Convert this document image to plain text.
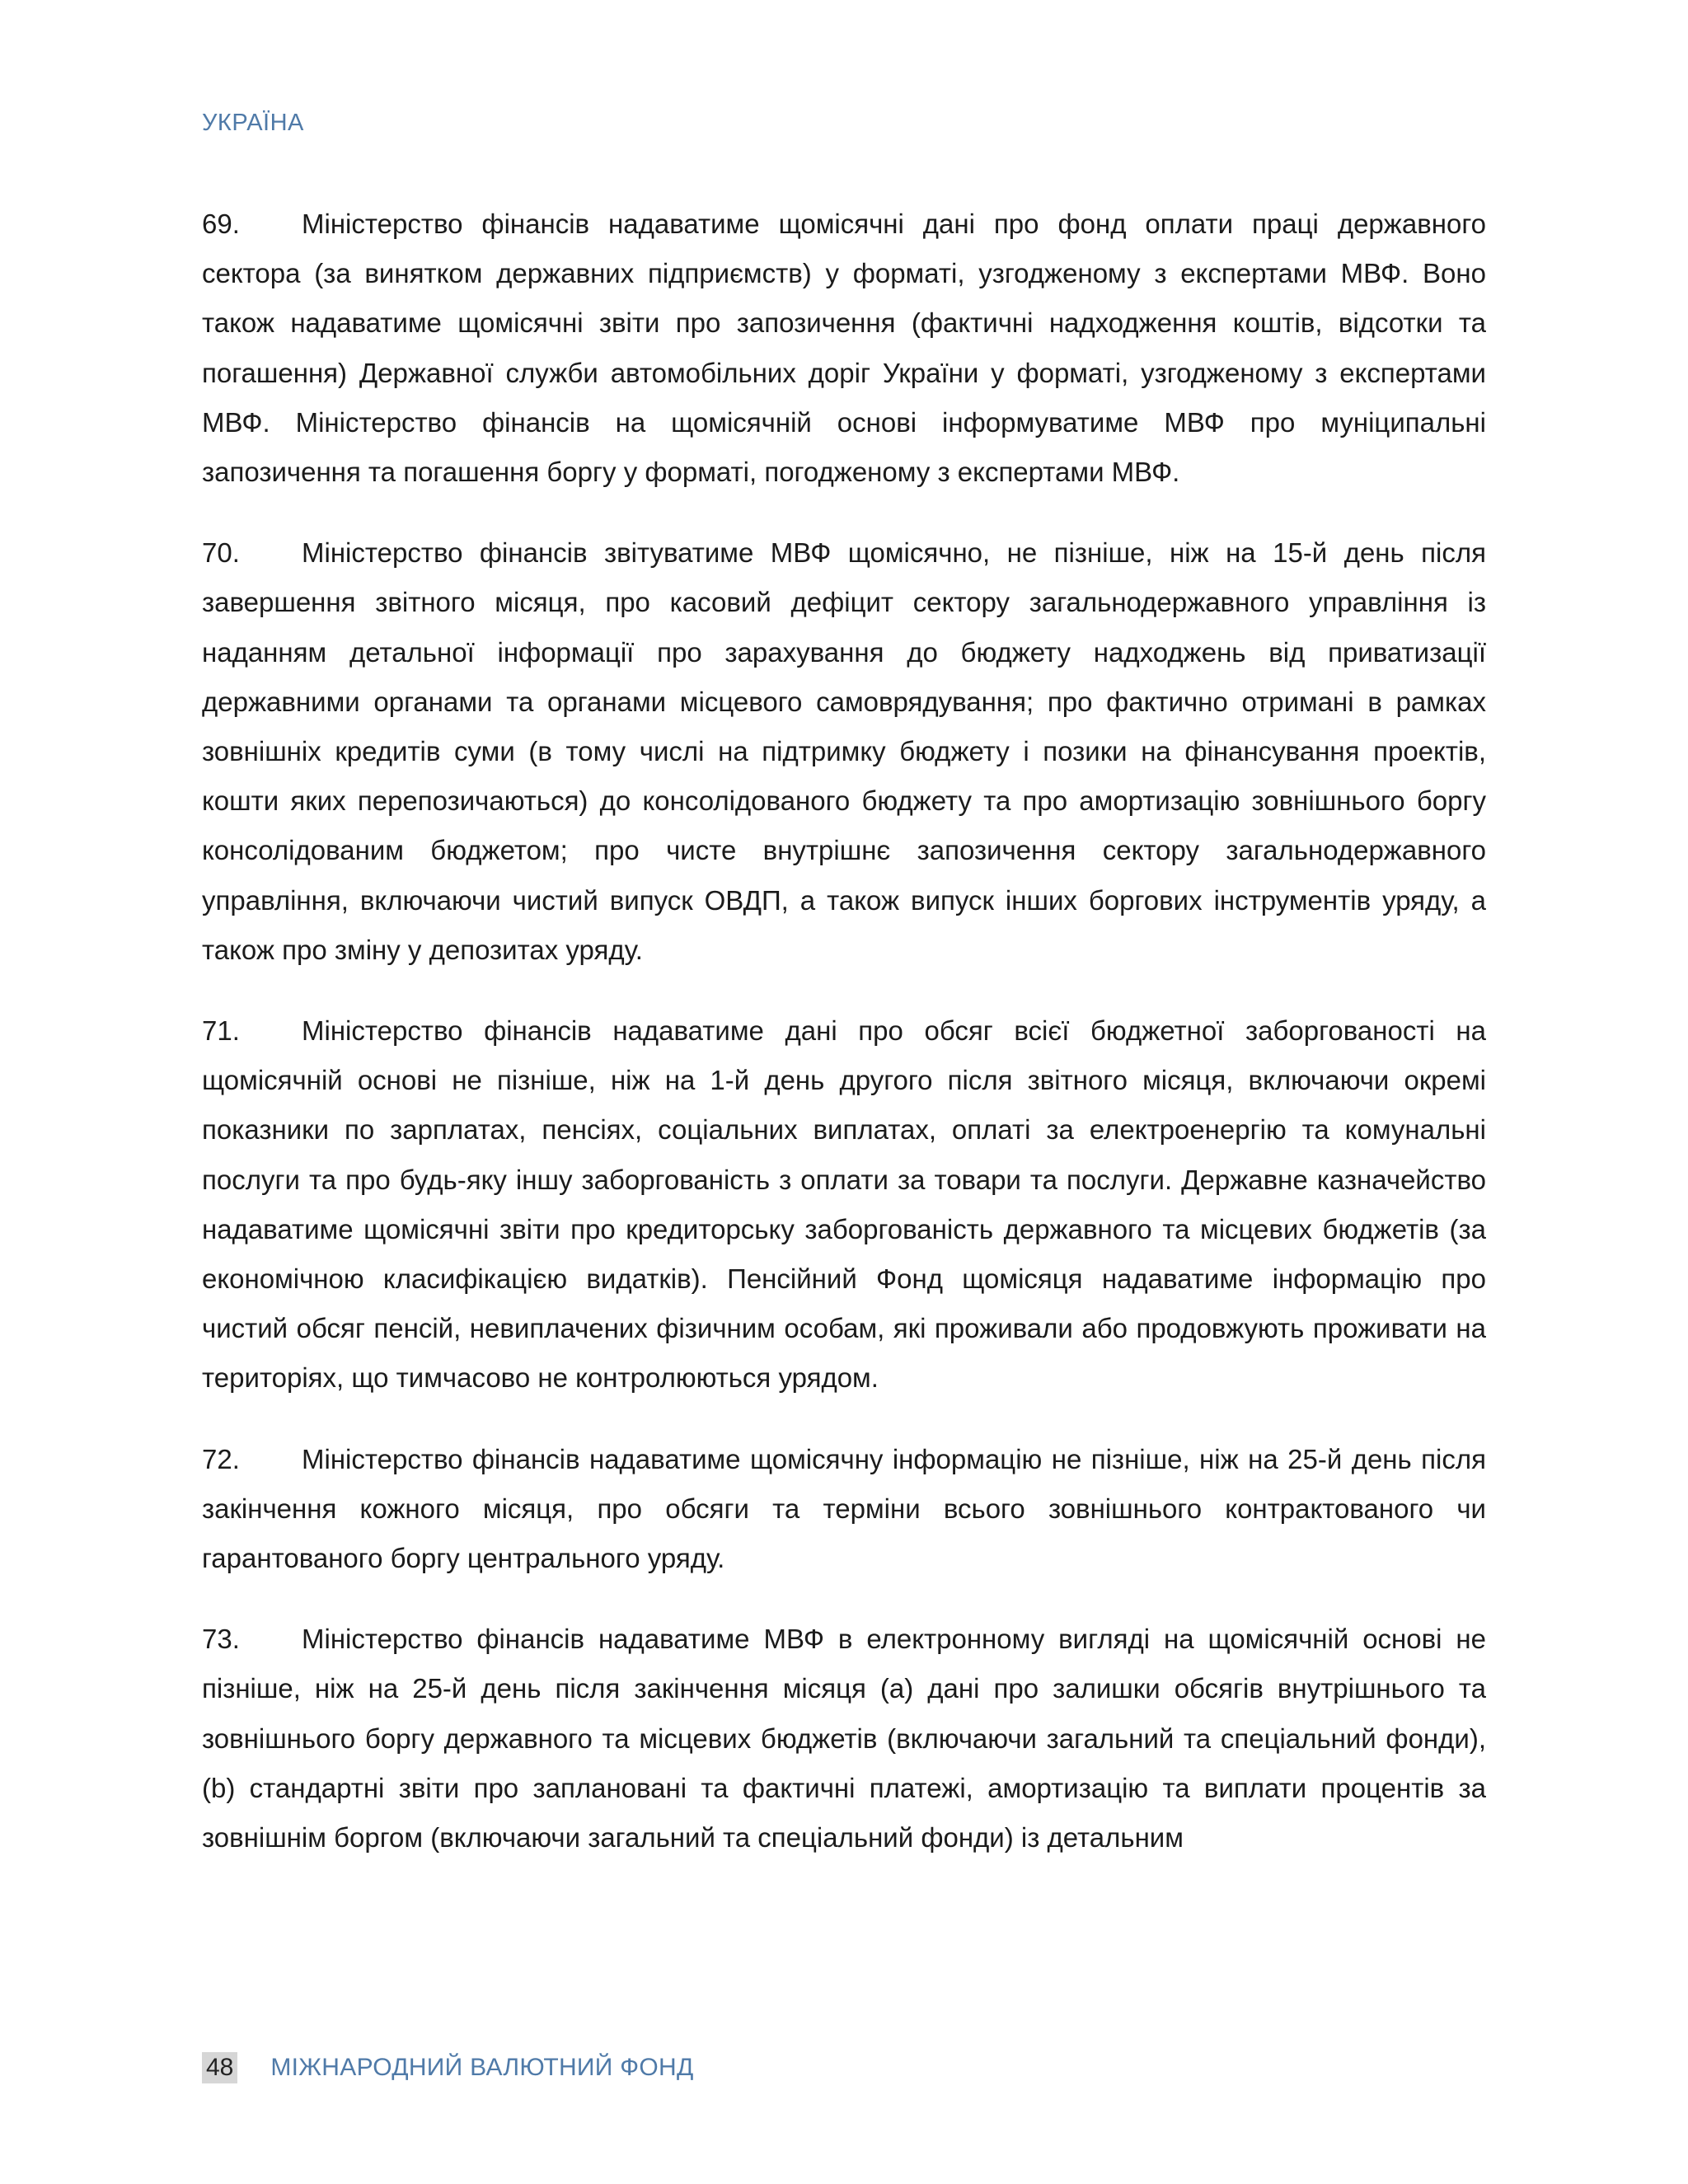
УКРАЇНА

69. Міністерство фінансів надаватиме щомісячні дані про фонд оплати праці державного сектора (за винятком державних підприємств) у форматі, узгодженому з експертами МВФ. Воно також надаватиме щомісячні звіти про запозичення (фактичні надходження коштів, відсотки та погашення) Державної служби автомобільних доріг України у форматі, узгодженому з експертами МВФ. Міністерство фінансів на щомісячній основі інформуватиме МВФ про муніципальні запозичення та погашення боргу у форматі, погодженому з експертами МВФ.

70. Міністерство фінансів звітуватиме МВФ щомісячно, не пізніше, ніж на 15-й день після завершення звітного місяця, про касовий дефіцит сектору загальнодержавного управління із наданням детальної інформації про зарахування до бюджету надходжень від приватизації державними органами та органами місцевого самоврядування; про фактично отримані в рамках зовнішніх кредитів суми (в тому числі на підтримку бюджету і позики на фінансування проектів, кошти яких перепозичаються) до консолідованого бюджету та про амортизацію зовнішнього боргу консолідованим бюджетом; про чисте внутрішнє запозичення сектору загальнодержавного управління, включаючи чистий випуск ОВДП, а також випуск інших боргових інструментів уряду, а також про зміну у депозитах уряду.

71. Міністерство фінансів надаватиме дані про обсяг всієї бюджетної заборгованості на щомісячній основі не пізніше, ніж на 1-й день другого після звітного місяця, включаючи окремі показники по зарплатах, пенсіях, соціальних виплатах, оплаті за електроенергію та комунальні послуги та про будь-яку іншу заборгованість з оплати за товари та послуги. Державне казначейство надаватиме щомісячні звіти про кредиторську заборгованість державного та місцевих бюджетів (за економічною класифікацією видатків). Пенсійний Фонд щомісяця надаватиме інформацію про чистий обсяг пенсій, невиплачених фізичним особам, які проживали або продовжують проживати на територіях, що тимчасово не контролюються урядом.

72. Міністерство фінансів надаватиме щомісячну інформацію не пізніше, ніж на 25-й день після закінчення кожного місяця, про обсяги та терміни всього зовнішнього контрактованого чи гарантованого боргу центрального уряду.

73. Міністерство фінансів надаватиме МВФ в електронному вигляді на щомісячній основі не пізніше, ніж на 25-й день після закінчення місяця (a) дані про залишки обсягів внутрішнього та зовнішнього боргу державного та місцевих бюджетів (включаючи загальний та спеціальний фонди), (b) стандартні звіти про заплановані та фактичні платежі, амортизацію та виплати процентів за зовнішнім боргом (включаючи загальний та спеціальний фонди) із детальним

48 МІЖНАРОДНИЙ ВАЛЮТНИЙ ФОНД
